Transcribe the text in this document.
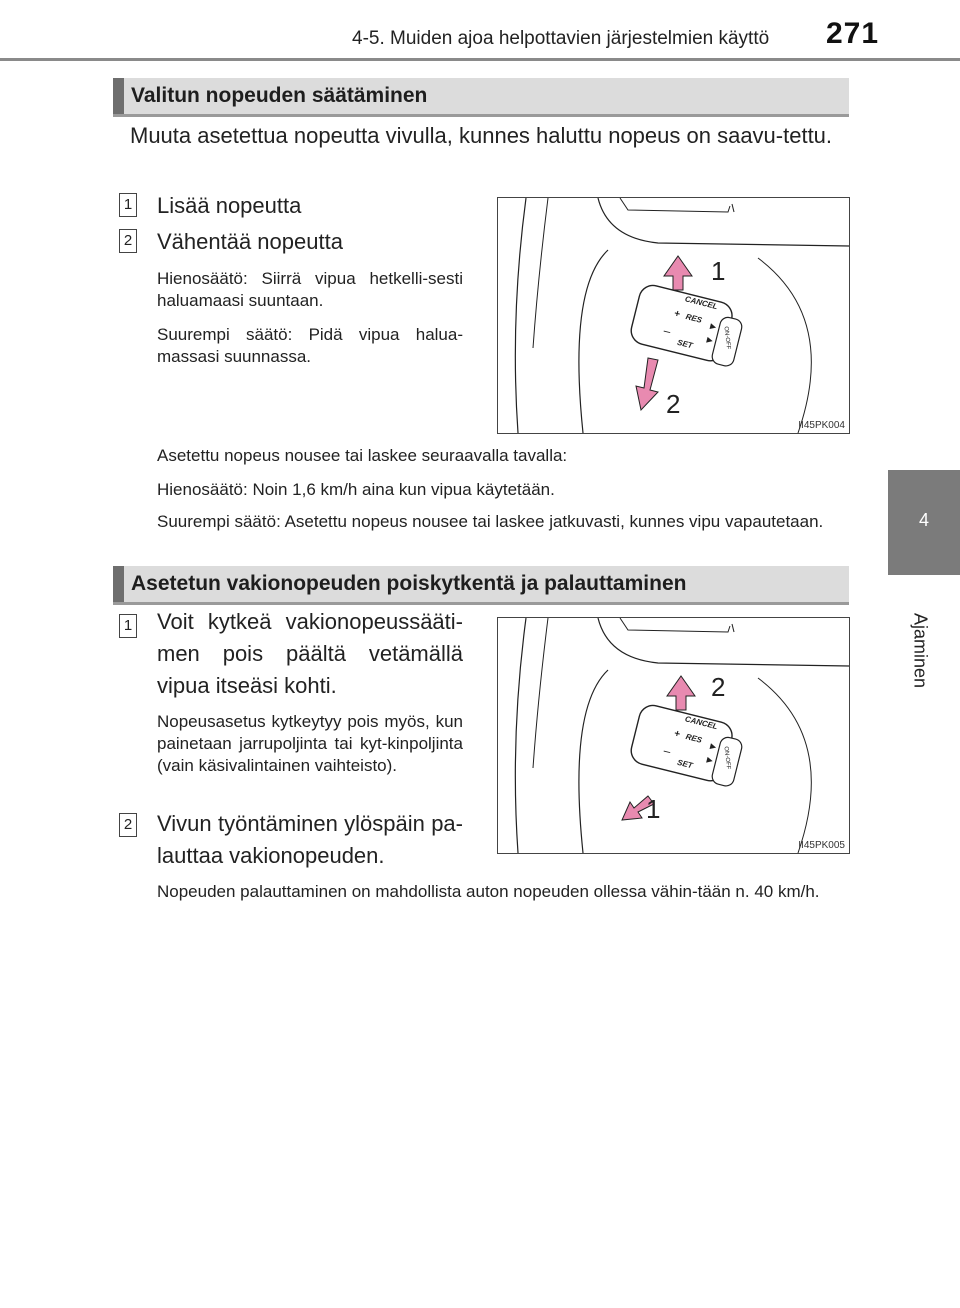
4-5. Muiden ajoa helpottavien järjestelmien käyttö 271
4
Ajaminen
Valitun nopeuden säätäminen
Muuta asetettua nopeutta vivulla, kunnes haluttu nopeus on saavu-tettu.
1 Lisää nopeutta
2 Vähentää nopeutta
Hienosäätö: Siirrä vipua hetkelli-sesti haluamaasi suuntaan.
Suurempi säätö: Pidä vipua halua-massasi suunnassa.
CANCEL
+ RES
–
SET	ON-OFF
1
2
II45PK004
Asetettu nopeus nousee tai laskee seuraavalla tavalla:
Hienosäätö: Noin 1,6 km/h aina kun vipua käytetään.
Suurempi säätö: Asetettu nopeus nousee tai laskee jatkuvasti, kunnes vipu vapautetaan.
Asetetun vakionopeuden poiskytkentä ja palauttaminen
1 Voit kytkeä vakionopeussääti-men pois päältä vetämällä vipua itseäsi kohti.
Nopeusasetus kytkeytyy pois myös, kun painetaan jarrupoljinta tai kyt-kinpoljinta (vain käsivalintainen vaihteisto).
2 Vivun työntäminen ylöspäin pa-lauttaa vakionopeuden.
CANCEL
+ RES
–
SET	ON-OFF
2
1
II45PK005
Nopeuden palauttaminen on mahdollista auton nopeuden ollessa vähin-tään n. 40 km/h.
